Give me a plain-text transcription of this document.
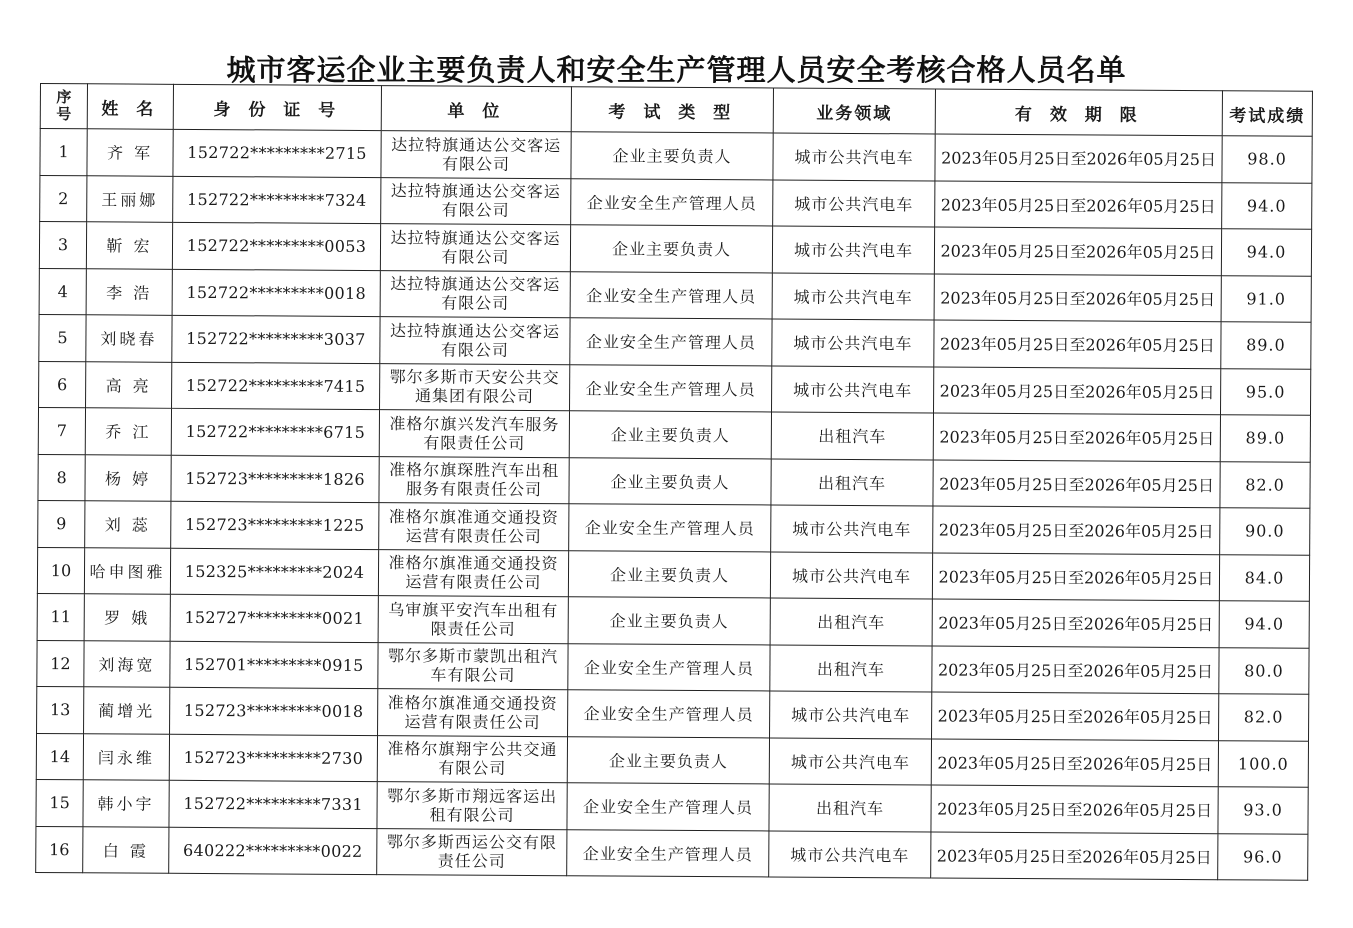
城市客运企业主要负责人和安全生产管理人员安全考核合格人员名单
序
号	姓 名	身 份 证 号	单 位	考 试 类 型	业务领域	有 效 期 限	考试成绩
1	齐 军	152722*********2715	达拉特旗通达公交客运有限公司	企业主要负责人	城市公共汽电车	2023年05月25日至2026年05月25日	98.0
2	王丽娜	152722*********7324	达拉特旗通达公交客运有限公司	企业安全生产管理人员	城市公共汽电车	2023年05月25日至2026年05月25日	94.0
3	靳 宏	152722*********0053	达拉特旗通达公交客运有限公司	企业主要负责人	城市公共汽电车	2023年05月25日至2026年05月25日	94.0
4	李 浩	152722*********0018	达拉特旗通达公交客运有限公司	企业安全生产管理人员	城市公共汽电车	2023年05月25日至2026年05月25日	91.0
5	刘晓春	152722*********3037	达拉特旗通达公交客运有限公司	企业安全生产管理人员	城市公共汽电车	2023年05月25日至2026年05月25日	89.0
6	高 亮	152722*********7415	鄂尔多斯市天安公共交通集团有限公司	企业安全生产管理人员	城市公共汽电车	2023年05月25日至2026年05月25日	95.0
7	乔 江	152722*********6715	准格尔旗兴发汽车服务有限责任公司	企业主要负责人	出租汽车	2023年05月25日至2026年05月25日	89.0
8	杨 婷	152723*********1826	准格尔旗琛胜汽车出租服务有限责任公司	企业主要负责人	出租汽车	2023年05月25日至2026年05月25日	82.0
9	刘 蕊	152723*********1225	准格尔旗准通交通投资运营有限责任公司	企业安全生产管理人员	城市公共汽电车	2023年05月25日至2026年05月25日	90.0
10	哈申图雅	152325*********2024	准格尔旗准通交通投资运营有限责任公司	企业主要负责人	城市公共汽电车	2023年05月25日至2026年05月25日	84.0
11	罗 娥	152727*********0021	乌审旗平安汽车出租有限责任公司	企业主要负责人	出租汽车	2023年05月25日至2026年05月25日	94.0
12	刘海宽	152701*********0915	鄂尔多斯市蒙凯出租汽车有限公司	企业安全生产管理人员	出租汽车	2023年05月25日至2026年05月25日	80.0
13	蔺增光	152723*********0018	准格尔旗准通交通投资运营有限责任公司	企业安全生产管理人员	城市公共汽电车	2023年05月25日至2026年05月25日	82.0
14	闫永维	152723*********2730	准格尔旗翔宇公共交通有限公司	企业主要负责人	城市公共汽电车	2023年05月25日至2026年05月25日	100.0
15	韩小宇	152722*********7331	鄂尔多斯市翔远客运出租有限公司	企业安全生产管理人员	出租汽车	2023年05月25日至2026年05月25日	93.0
16	白 霞	640222*********0022	鄂尔多斯西运公交有限责任公司	企业安全生产管理人员	城市公共汽电车	2023年05月25日至2026年05月25日	96.0
